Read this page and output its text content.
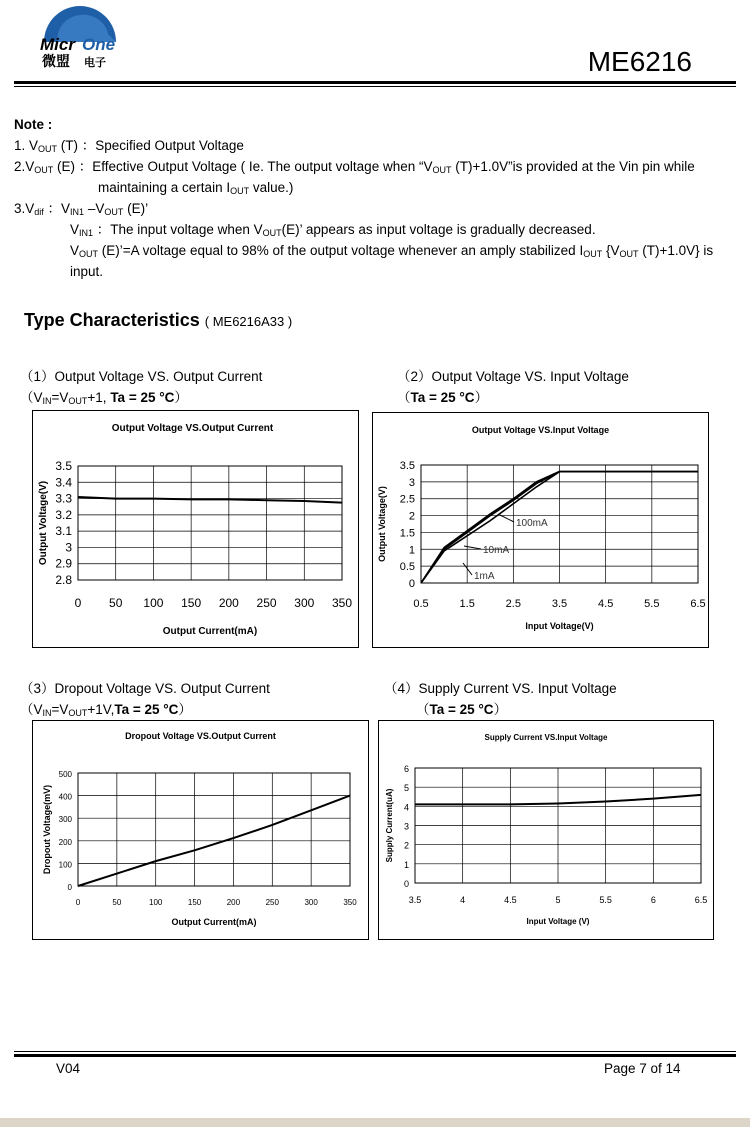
Micr One
微盟 电子	ME6216
Note :
1. $V_{OUT}$ (T) ：Specified Output Voltage
$2.V_{OUT}$ (E) ：Effective Output Voltage ( Ie. The output voltage when “$V_{OUT}$ (T)+1.0V”is provided at the Vin pin while
maintaining a certain $I_{OUT}$ value.)
$3.V_{dif}$ ：$V_{IN1}$ $-V_{OUT}$ (E)’
$V_{IN1}$ ：The input voltage when $V_{OUT}(E)$’ appears as input voltage is gradually decreased.
$V_{OUT}$ (E)’=A voltage equal to 98% of the output voltage whenever an amply stabilized $I_{OUT}$ {$V_{OUT}$ (T)+1.0V} is
input.
Type Characteristics ( ME6216A33 )
（1）Output Voltage VS. Output Current
（$V_{IN}=V_{OUT}+1$, Ta = 25 °C）
（2）Output Voltage VS. Input Voltage
（Ta = 25 °C）
（3）Dropout Voltage VS. Output Current
（$V_{IN}=V_{OUT}+1V,Ta = 25$ °C）
（4）Supply Current VS. Input Voltage
（Ta = 25 °C）
2.8
2.9
3
3.1
3.2
3.3
3.4
3.5
0 50 100 150 200 250 300 350
Output Voltage VS.Output Current
Output Current(mA)
Output Voltage(V)
0
0.5
1
1.5
2
2.5
3
3.5
0.5	1.5	2.5	3.5	4.5	5.5	6.5
Output Voltage VS.Input Voltage
Input Voltage(V)
Output Voltage(V)	100mA
10mA
1mA
0
100
200
300
400
500
0	50	100	150	200	250	300	350
Dropout Voltage VS.Output Current
Output Current(mA)
Dropout Voltage(mV)
0
1
2
3
4
5
6
3.5	4	4.5	5	5.5	6	6.5
Supply Current VS.Input Voltage
Input Voltage (V)
Supply Current(uA)
V04	Page 7 of 14
